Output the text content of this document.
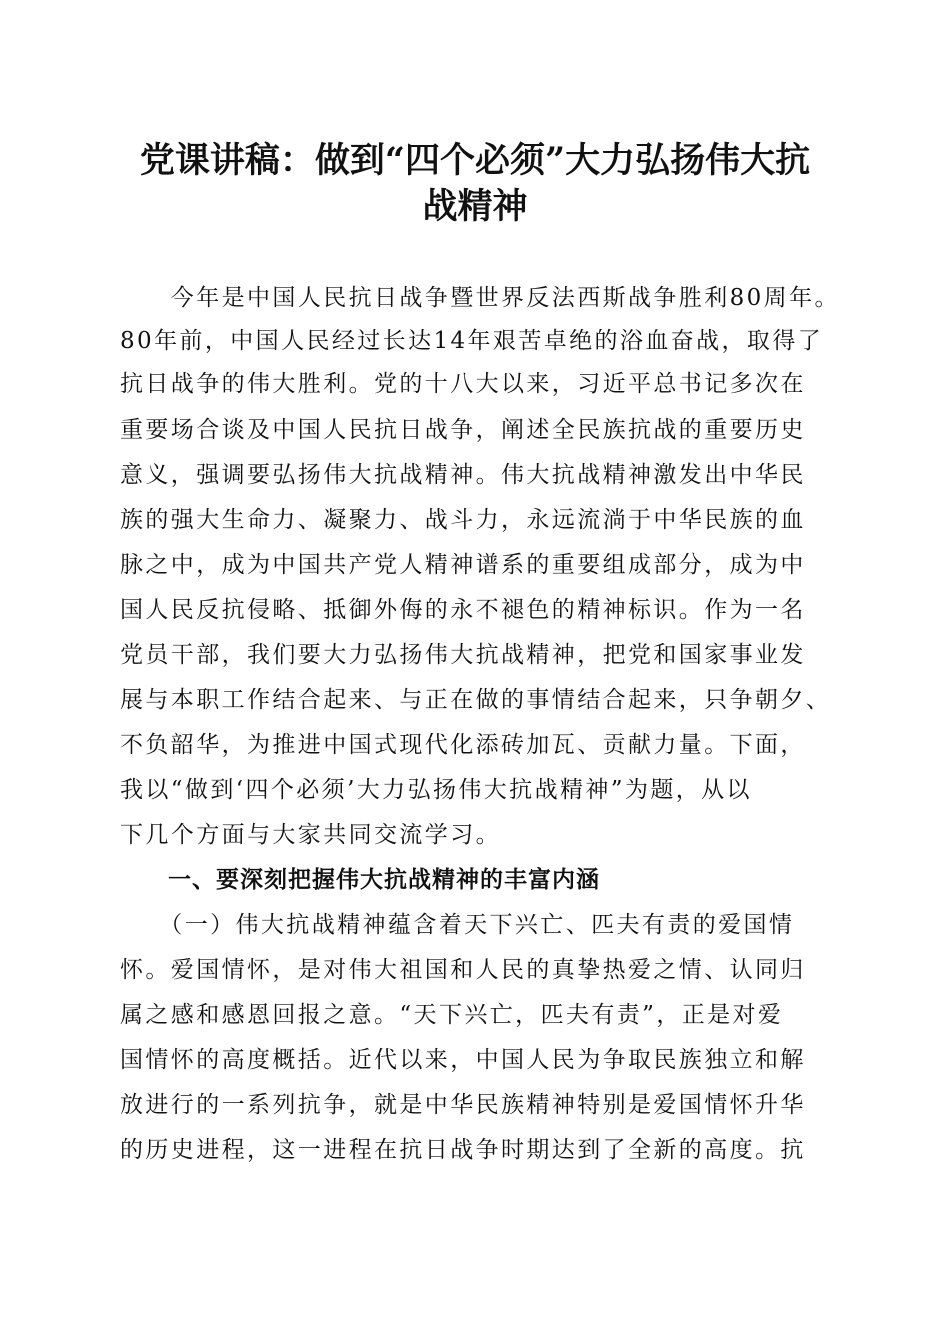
党课讲稿：做到“四个必须”大力弘扬伟大抗
战精神

　　今年是中国人民抗日战争暨世界反法西斯战争胜利80周年。

80年前，中国人民经过长达14年艰苦卓绝的浴血奋战，取得了

抗日战争的伟大胜利。党的十八大以来，习近平总书记多次在

重要场合谈及中国人民抗日战争，阐述全民族抗战的重要历史

意义，强调要弘扬伟大抗战精神。伟大抗战精神激发出中华民

族的强大生命力、凝聚力、战斗力，永远流淌于中华民族的血

脉之中，成为中国共产党人精神谱系的重要组成部分，成为中

国人民反抗侵略、抵御外侮的永不褪色的精神标识。作为一名

党员干部，我们要大力弘扬伟大抗战精神，把党和国家事业发

展与本职工作结合起来、与正在做的事情结合起来，只争朝夕、

不负韶华，为推进中国式现代化添砖加瓦、贡献力量。下面，

我以“做到‘四个必须’大力弘扬伟大抗战精神”为题，从以

下几个方面与大家共同交流学习。

一、要深刻把握伟大抗战精神的丰富内涵

　　（一）伟大抗战精神蕴含着天下兴亡、匹夫有责的爱国情

怀。爱国情怀，是对伟大祖国和人民的真挚热爱之情、认同归

属之感和感恩回报之意。“天下兴亡，匹夫有责”，正是对爱

国情怀的高度概括。近代以来，中国人民为争取民族独立和解

放进行的一系列抗争，就是中华民族精神特别是爱国情怀升华

的历史进程，这一进程在抗日战争时期达到了全新的高度。抗
